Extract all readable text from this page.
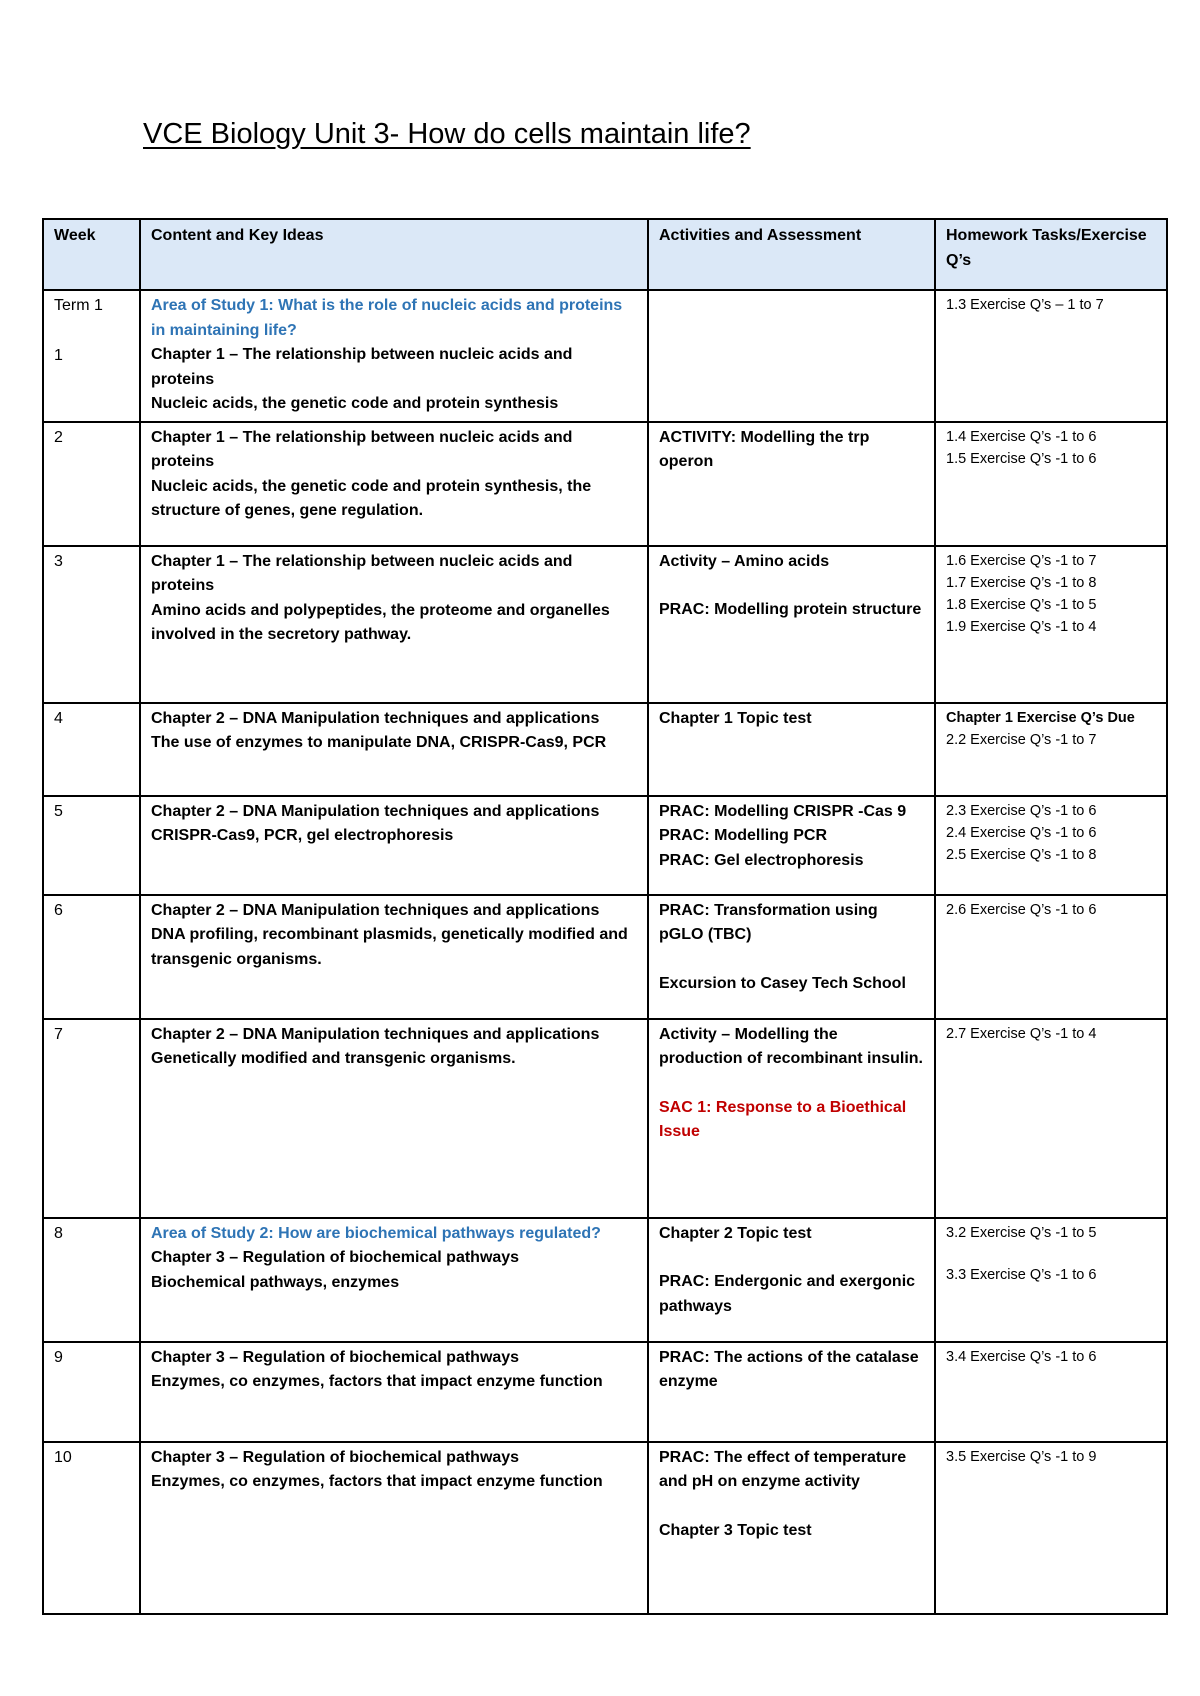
VCE Biology Unit 3- How do cells maintain life?
Week	Content and Key Ideas	Activities and Assessment	Homework Tasks/Exercise Q’s

Term 1
1	Area of Study 1: What is the role of nucleic acids and proteins in maintaining life?
Chapter 1 – The relationship between nucleic acids and proteins
Nucleic acids, the genetic code and protein synthesis		1.3 Exercise Q’s – 1 to 7

2	Chapter 1 – The relationship between nucleic acids and proteins
Nucleic acids, the genetic code and protein synthesis, the structure of genes, gene regulation.	ACTIVITY: Modelling the trp operon	1.4 Exercise Q’s -1 to 6
1.5 Exercise Q’s -1 to 6

3	Chapter 1 – The relationship between nucleic acids and proteins
Amino acids and polypeptides, the proteome and organelles involved in the secretory pathway.	Activity – Amino acids
PRAC: Modelling protein structure	1.6 Exercise Q’s -1 to 7
1.7 Exercise Q’s -1 to 8
1.8 Exercise Q’s -1 to 5
1.9 Exercise Q’s -1 to 4

4	Chapter 2 – DNA Manipulation techniques and applications
The use of enzymes to manipulate DNA, CRISPR-Cas9, PCR	Chapter 1 Topic test	Chapter 1 Exercise Q’s Due
2.2 Exercise Q’s -1 to 7

5	Chapter 2 – DNA Manipulation techniques and applications
CRISPR-Cas9, PCR, gel electrophoresis	PRAC: Modelling CRISPR -Cas 9
PRAC: Modelling PCR
PRAC: Gel electrophoresis	2.3 Exercise Q’s -1 to 6
2.4 Exercise Q’s -1 to 6
2.5 Exercise Q’s -1 to 8

6	Chapter 2 – DNA Manipulation techniques and applications
DNA profiling, recombinant plasmids, genetically modified and transgenic organisms.	PRAC: Transformation using pGLO (TBC)
Excursion to Casey Tech School	2.6 Exercise Q’s -1 to 6

7	Chapter 2 – DNA Manipulation techniques and applications
Genetically modified and transgenic organisms.	Activity – Modelling the production of recombinant insulin.
SAC 1: Response to a Bioethical Issue	2.7 Exercise Q’s -1 to 4

8	Area of Study 2: How are biochemical pathways regulated?
Chapter 3 – Regulation of biochemical pathways
Biochemical pathways, enzymes	Chapter 2 Topic test
PRAC: Endergonic and exergonic pathways	3.2 Exercise Q’s -1 to 5
3.3 Exercise Q’s -1 to 6

9	Chapter 3 – Regulation of biochemical pathways
Enzymes, co enzymes, factors that impact enzyme function	PRAC: The actions of the catalase enzyme	3.4 Exercise Q’s -1 to 6

10	Chapter 3 – Regulation of biochemical pathways
Enzymes, co enzymes, factors that impact enzyme function	PRAC: The effect of temperature and pH on enzyme activity
Chapter 3 Topic test	3.5 Exercise Q’s -1 to 9
